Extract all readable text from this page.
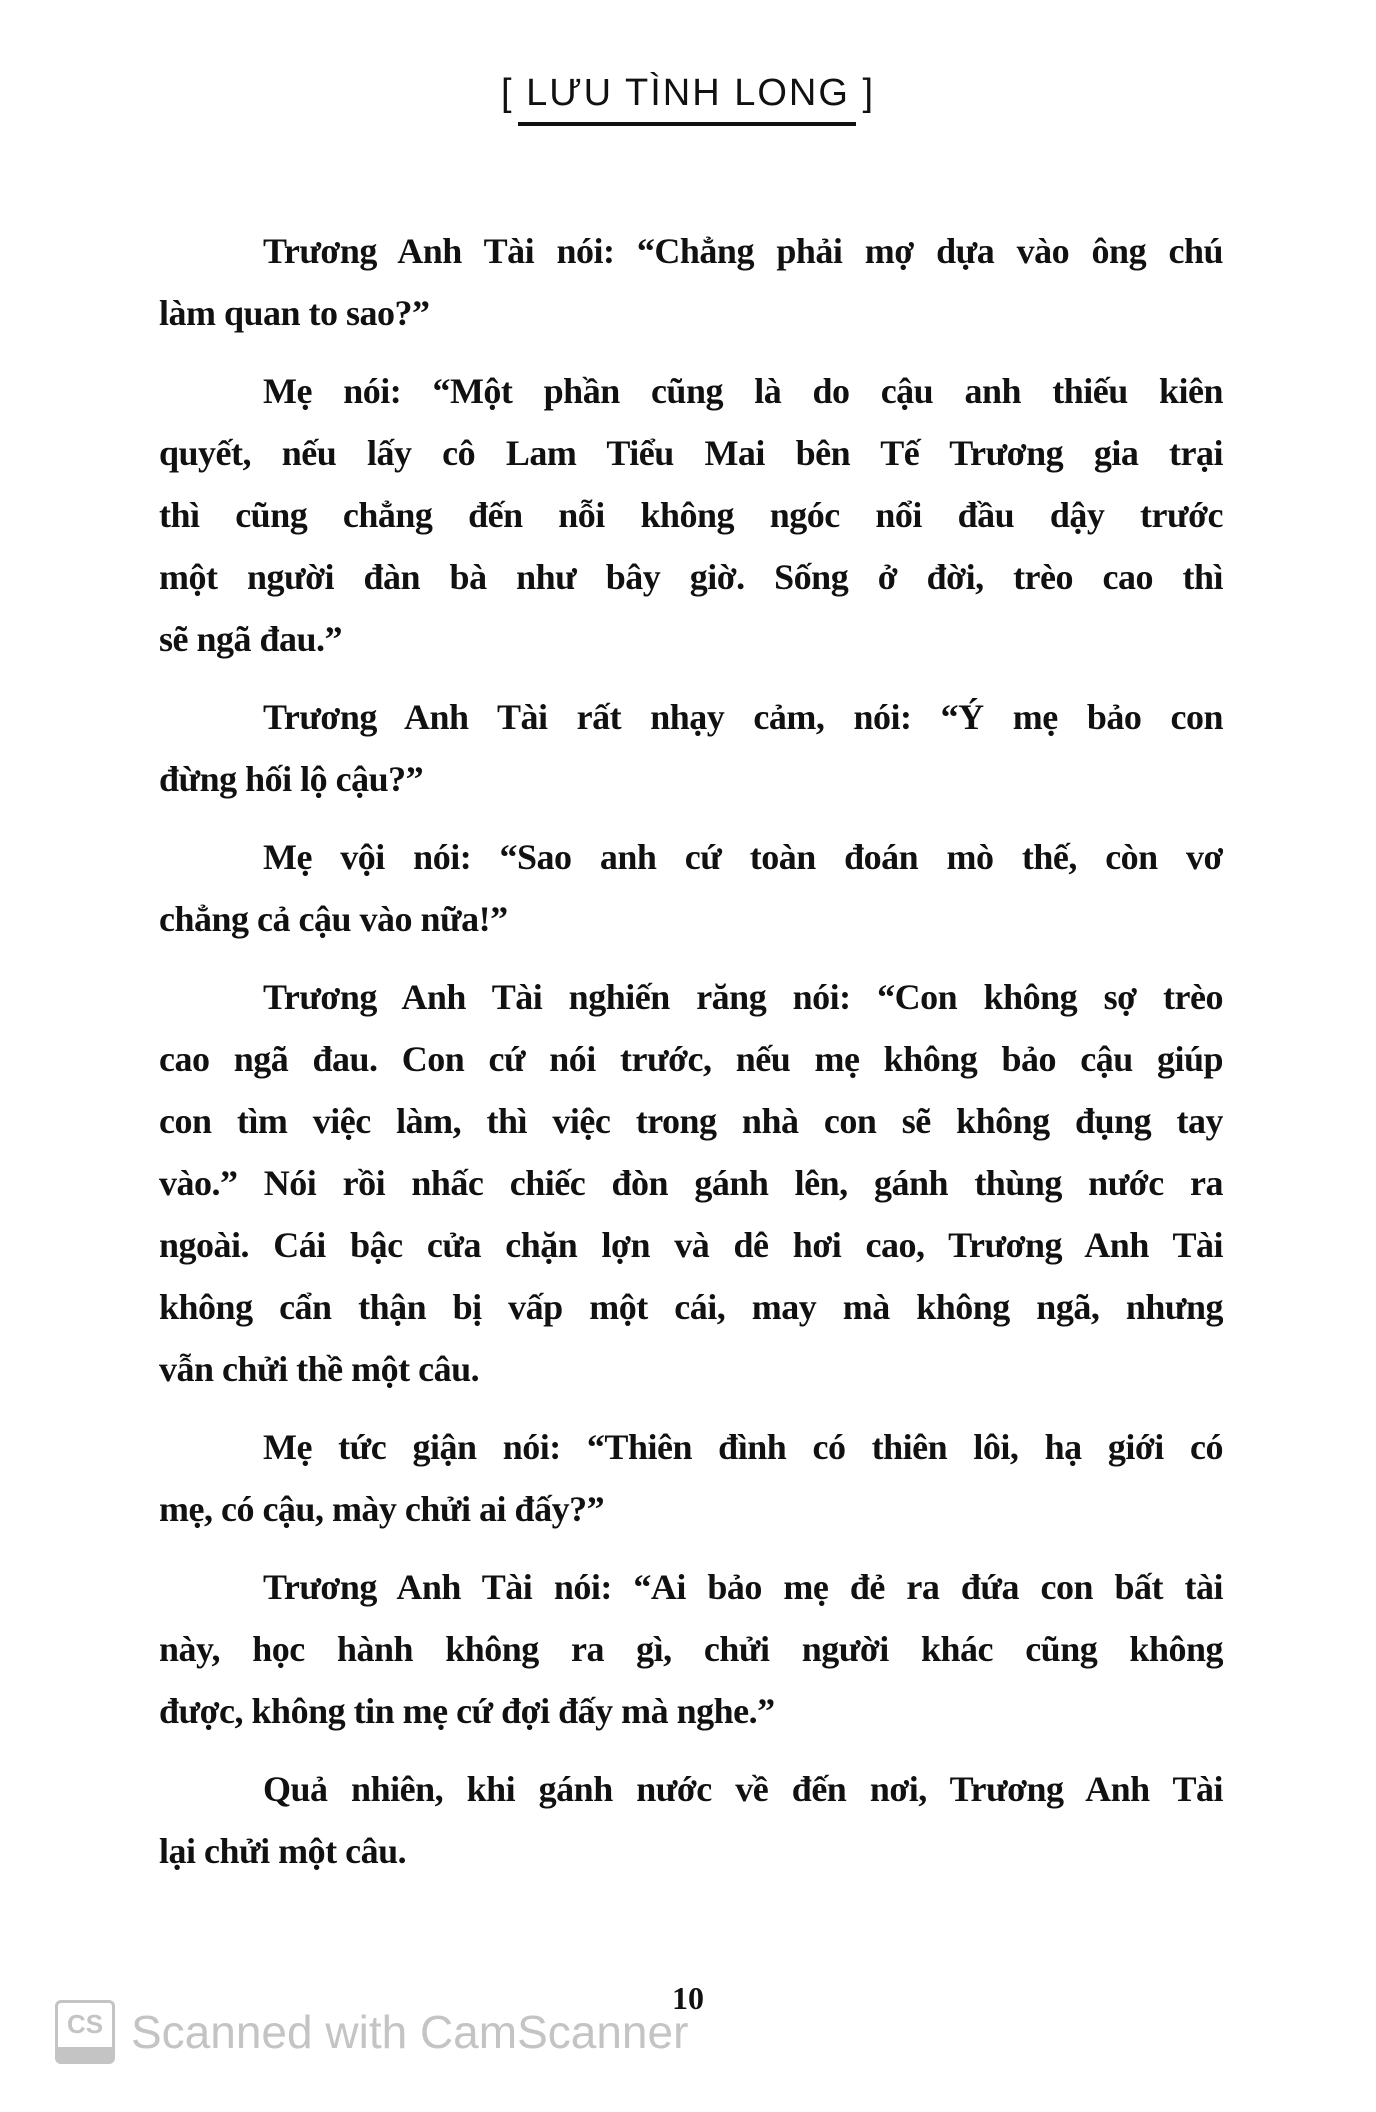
[ LƯU TÌNH LONG ]
Trương Anh Tài nói: “Chẳng phải mợ dựa vào ông chú
làm quan to sao?”
Mẹ nói: “Một phần cũng là do cậu anh thiếu kiên
quyết, nếu lấy cô Lam Tiểu Mai bên Tế Trương gia trại
thì cũng chẳng đến nỗi không ngóc nổi đầu dậy trước
một người đàn bà như bây giờ. Sống ở đời, trèo cao thì
sẽ ngã đau.”
Trương Anh Tài rất nhạy cảm, nói: “Ý mẹ bảo con
đừng hối lộ cậu?”
Mẹ vội nói: “Sao anh cứ toàn đoán mò thế, còn vơ
chẳng cả cậu vào nữa!”
Trương Anh Tài nghiến răng nói: “Con không sợ trèo
cao ngã đau. Con cứ nói trước, nếu mẹ không bảo cậu giúp
con tìm việc làm, thì việc trong nhà con sẽ không đụng tay
vào.” Nói rồi nhấc chiếc đòn gánh lên, gánh thùng nước ra
ngoài. Cái bậc cửa chặn lợn và dê hơi cao, Trương Anh Tài
không cẩn thận bị vấp một cái, may mà không ngã, nhưng
vẫn chửi thề một câu.
Mẹ tức giận nói: “Thiên đình có thiên lôi, hạ giới có
mẹ, có cậu, mày chửi ai đấy?”
Trương Anh Tài nói: “Ai bảo mẹ đẻ ra đứa con bất tài
này, học hành không ra gì, chửi người khác cũng không
được, không tin mẹ cứ đợi đấy mà nghe.”
Quả nhiên, khi gánh nước về đến nơi, Trương Anh Tài
lại chửi một câu.
10
CS Scanned with CamScanner
